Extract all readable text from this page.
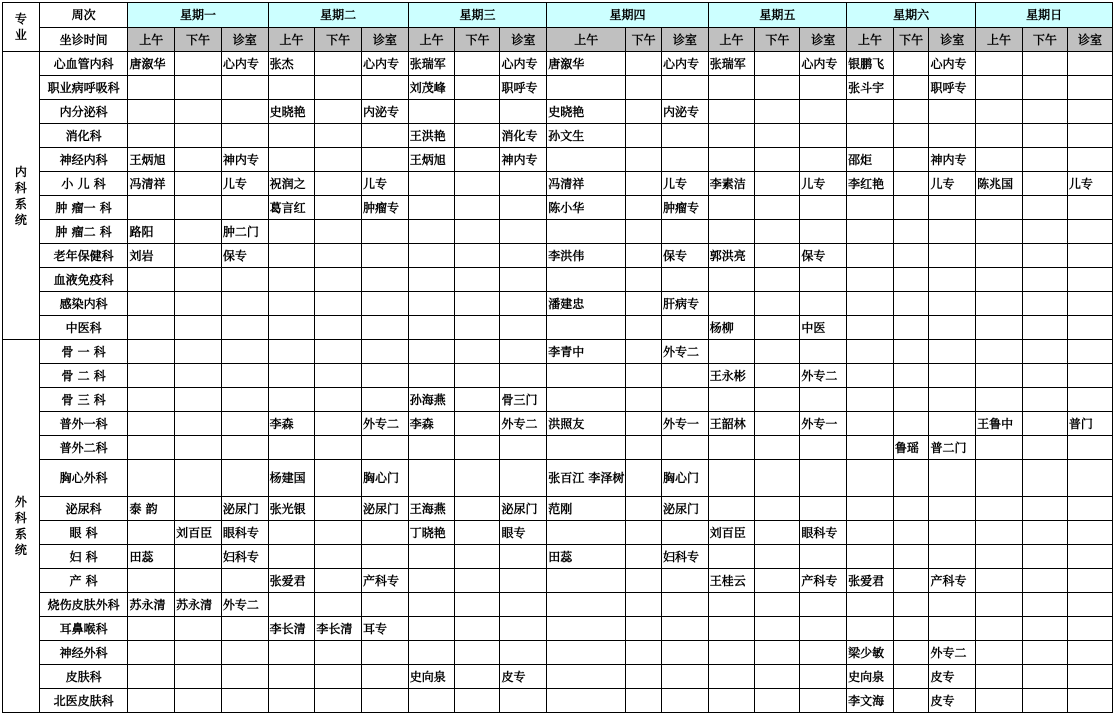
专业	周次	星期一			星期二			星期三			星期四			星期五			星期六			星期日		
	坐诊时间	上午	下午	诊室	上午	下午	诊室	上午	下午	诊室	上午	下午	诊室	上午	下午	诊室	上午	下午	诊室	上午	下午	诊室

内科系统	心血管内科	唐溆华		心内专	张杰		心内专	张瑞军		心内专	唐溆华		心内专	张瑞军		心内专	银鹏飞		心内专			
	职业病呼吸科							刘茂峰		职呼专							张斗宇		职呼专			
	内分泌科				史晓艳		内泌专				史晓艳		内泌专									
	消化科							王洪艳		消化专	孙文生											
	神经内科	王炳旭		神内专				王炳旭		神内专							邵炬		神内专			
	小 儿 科	冯清祥		儿专	祝润之		儿专				冯清祥		儿专	李素洁		儿专	李红艳		儿专	陈兆国		儿专
	肿 瘤一 科				葛言红		肿瘤专				陈小华		肿瘤专									
	肿 瘤二 科	路阳		肿二门																		
	老年保健科	刘岩		保专							李洪伟		保专	郭洪亮		保专						
	血液免疫科																					
	感染内科										潘建忠		肝病专									
	中医科													杨柳		中医						

外科系统	骨 一 科										李青中		外专二									
	骨 二 科													王永彬		外专二						
	骨 三 科							孙海燕		骨三门												
	普外一科				李森		外专二	李森		外专二	洪照友		外专一	王韶林		外专一				王鲁中		普门
	普外二科																	鲁瑶	普二门			
	胸心外科				杨建国		胸心门				张百江 李泽树		胸心门									
	泌尿科	泰 韵		泌尿门	张光银		泌尿门	王海燕		泌尿门	范刚		泌尿门									
	眼 科		刘百臣	眼科专				丁晓艳		眼专				刘百臣		眼科专						
	妇 科	田蕊		妇科专							田蕊		妇科专									
	产 科				张爱君		产科专							王桂云		产科专	张爱君		产科专			
	烧伤皮肤外科	苏永清	苏永清	外专二																		
	耳鼻喉科				李长清	李长清	耳专															
	神经外科																梁少敏		外专二			
	皮肤科							史向泉		皮专							史向泉		皮专			
	北医皮肤科																李文海		皮专			
